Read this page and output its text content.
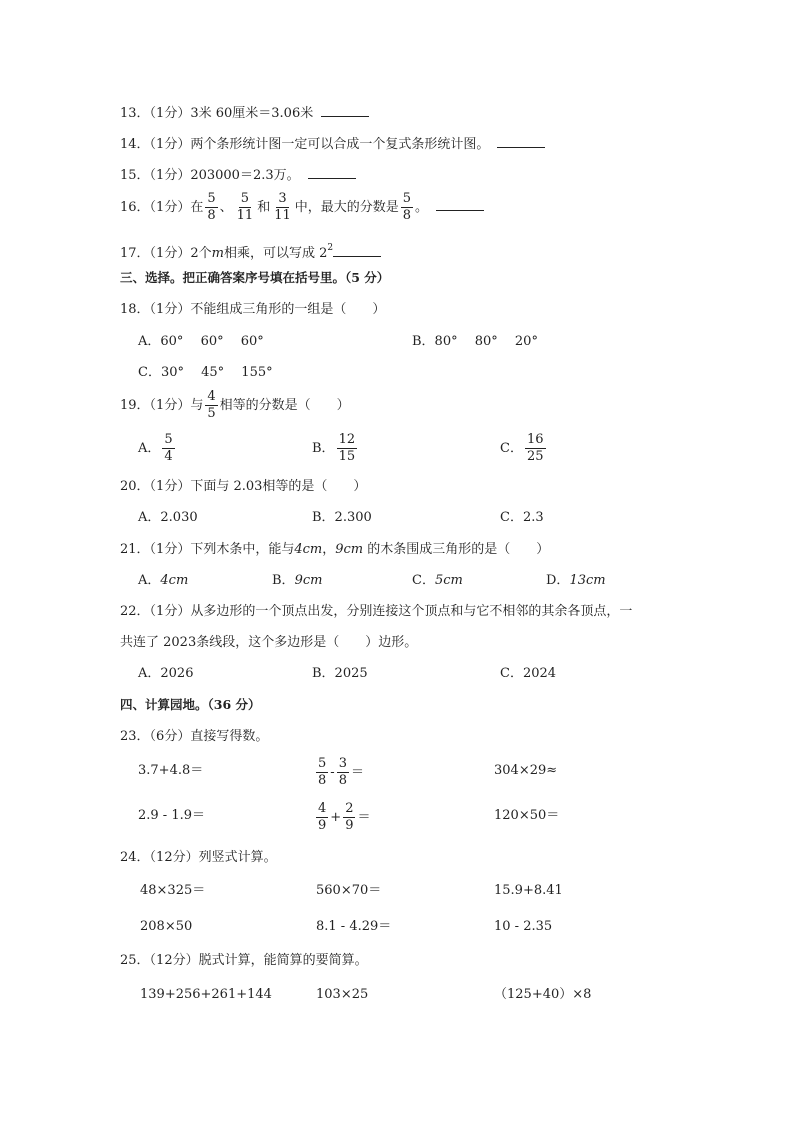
13．（1分）3米 60厘米＝3.06米
14．（1分）两个条形统计图一定可以合成一个复式条形统计图。
15．（1分）203000＝2.3万。
16．（1分）在 $\frac{5}{8}$ 、 $\frac{5}{11}$ 和 $\frac{3}{11}$ 中，最大的分数是 $\frac{5}{8}$ 。
17．（1分）2个m相乘，可以写成 $2^2$
三、选择。把正确答案序号填在括号里。（5 分）
18．（1分）不能组成三角形的一组是（　　）
A．60°　 60°　 60°	B．80°　 80°　 20°
C．30°　 45°　 155°
19．（1分）与 $\frac{4}{5}$ 相等的分数是（　　）
A． $\frac{5}{4}$	B． $\frac{12}{15}$	C． $\frac{16}{25}$
20．（1分）下面与 2.03相等的是（　　）
A．2.030	B．2.300	C．2.3
21．（1分）下列木条中，能与4cm，9cm 的木条围成三角形的是（　　）
A．4cm	B．9cm	C．5cm	D．13cm
22．（1分）从多边形的一个顶点出发，分别连接这个顶点和与它不相邻的其余各顶点，一
共连了 2023条线段，这个多边形是（　　）边形。
A．2026	B．2025	C．2024
四、计算园地。（36 分）
23．（6分）直接写得数。
3.7+4.8＝	$\frac{5}{8} - \frac{3}{8}$ ＝	304×29≈
2.9 - 1.9＝	$\frac{4}{9} + \frac{2}{9}$ ＝	120×50＝
24．（12分）列竖式计算。
48×325＝	560×70＝	15.9+8.41
208×50	8.1 - 4.29＝	10 - 2.35
25．（12分）脱式计算，能简算的要简算。
139+256+261+144	103×25	（125+40）×8
